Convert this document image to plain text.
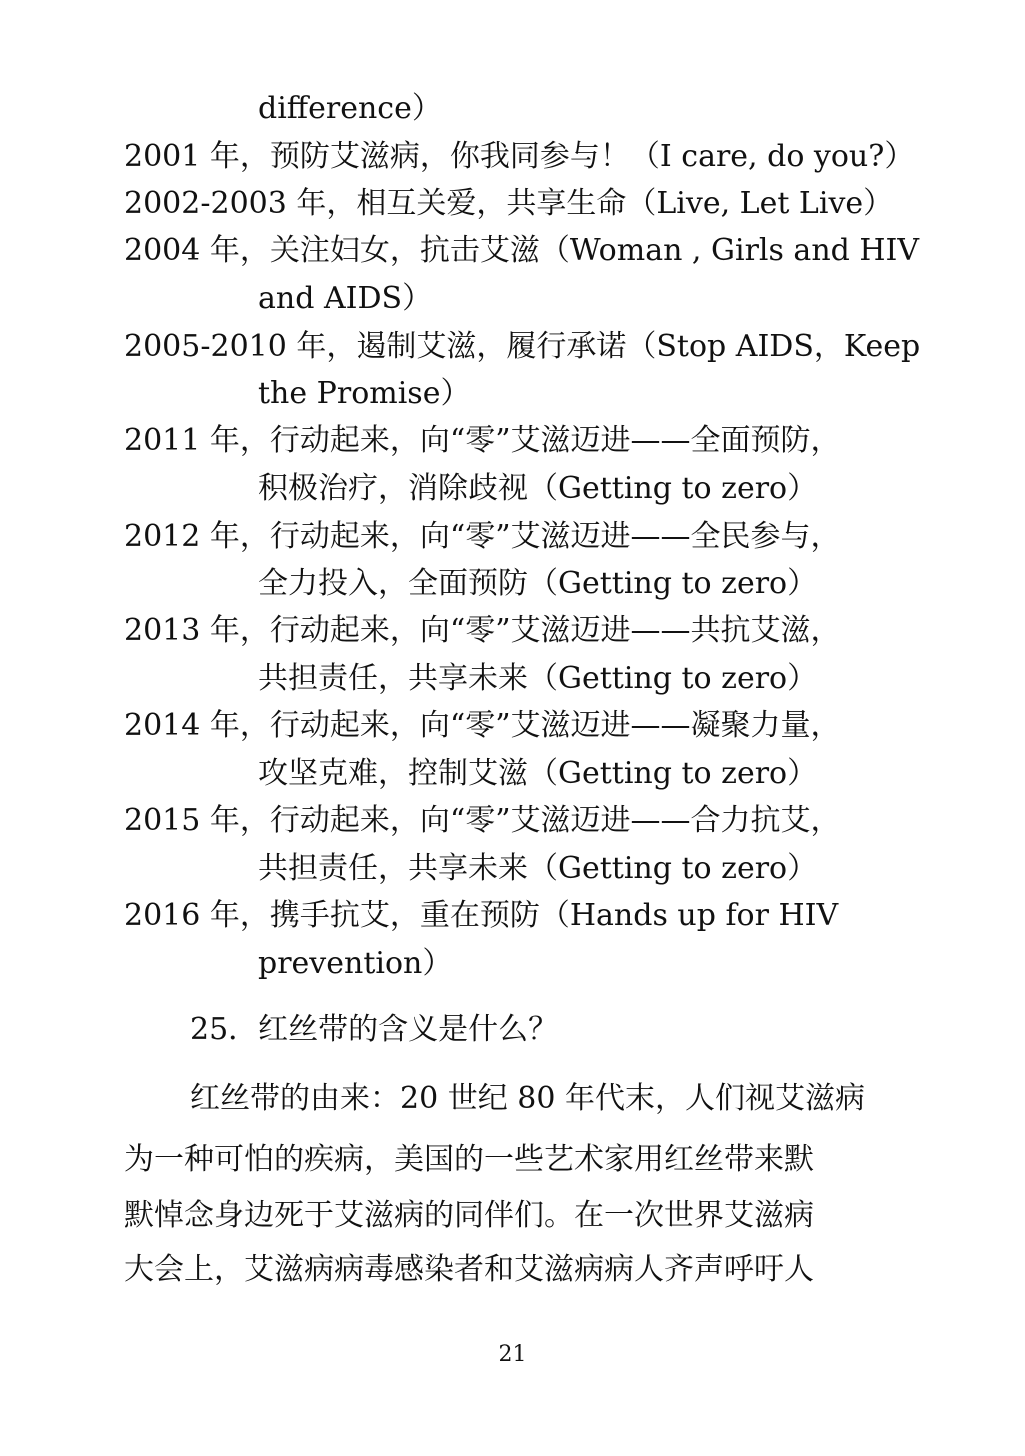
difference）
2001 年，预防艾滋病，你我同参与！（I care, do you?）
2002-2003 年，相互关爱，共享生命（Live, Let Live）
2004 年，关注妇女，抗击艾滋（Woman , Girls and HIV
and AIDS）
2005-2010 年，遏制艾滋，履行承诺（Stop AIDS，Keep
the Promise）
2011 年，行动起来，向“零”艾滋迈进——全面预防，
积极治疗，消除歧视（Getting to zero）
2012 年，行动起来，向“零”艾滋迈进——全民参与，
全力投入，全面预防（Getting to zero）
2013 年，行动起来，向“零”艾滋迈进——共抗艾滋，
共担责任，共享未来（Getting to zero）
2014 年，行动起来，向“零”艾滋迈进——凝聚力量，
攻坚克难，控制艾滋（Getting to zero）
2015 年，行动起来，向“零”艾滋迈进——合力抗艾，
共担责任，共享未来（Getting to zero）
2016 年，携手抗艾，重在预防（Hands up for HIV
prevention）
25．红丝带的含义是什么？
红丝带的由来：20 世纪 80 年代末，人们视艾滋病
为一种可怕的疾病，美国的一些艺术家用红丝带来默
默悼念身边死于艾滋病的同伴们。在一次世界艾滋病
大会上，艾滋病病毒感染者和艾滋病病人齐声呼吁人
21
